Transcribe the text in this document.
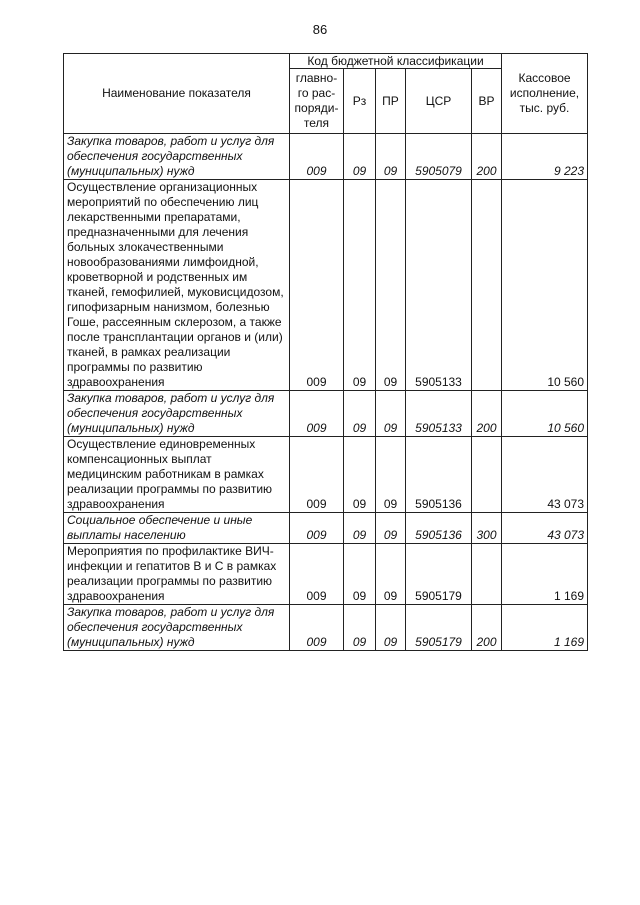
86
Наименование показателя	Код бюджетной классификации					Кассовое исполнение, тыс. руб.
	главно-го рас-поряди-теля	Рз	ПР	ЦСР	ВР	
Закупка товаров, работ и услуг для обеспечения государственных (муниципальных) нужд	009	09	09	5905079	200	9 223
Осуществление организационных мероприятий по обеспечению лиц лекарственными препаратами, предназначенными для лечения больных злокачественными новообразованиями лимфоидной, кроветворной и родственных им тканей, гемофилией, муковисцидозом, гипофизарным нанизмом, болезнью Гоше, рассеянным склерозом, а также после трансплантации органов и (или) тканей, в рамках реализации программы по развитию здравоохранения	009	09	09	5905133		10 560
Закупка товаров, работ и услуг для обеспечения государственных (муниципальных) нужд	009	09	09	5905133	200	10 560
Осуществление единовременных компенсационных выплат медицинским работникам в рамках реализации программы по развитию здравоохранения	009	09	09	5905136		43 073
Социальное обеспечение и иные выплаты населению	009	09	09	5905136	300	43 073
Мероприятия по профилактике ВИЧ-инфекции и гепатитов В и С в рамках реализации программы по развитию здравоохранения	009	09	09	5905179		1 169
Закупка товаров, работ и услуг для обеспечения государственных (муниципальных) нужд	009	09	09	5905179	200	1 169
